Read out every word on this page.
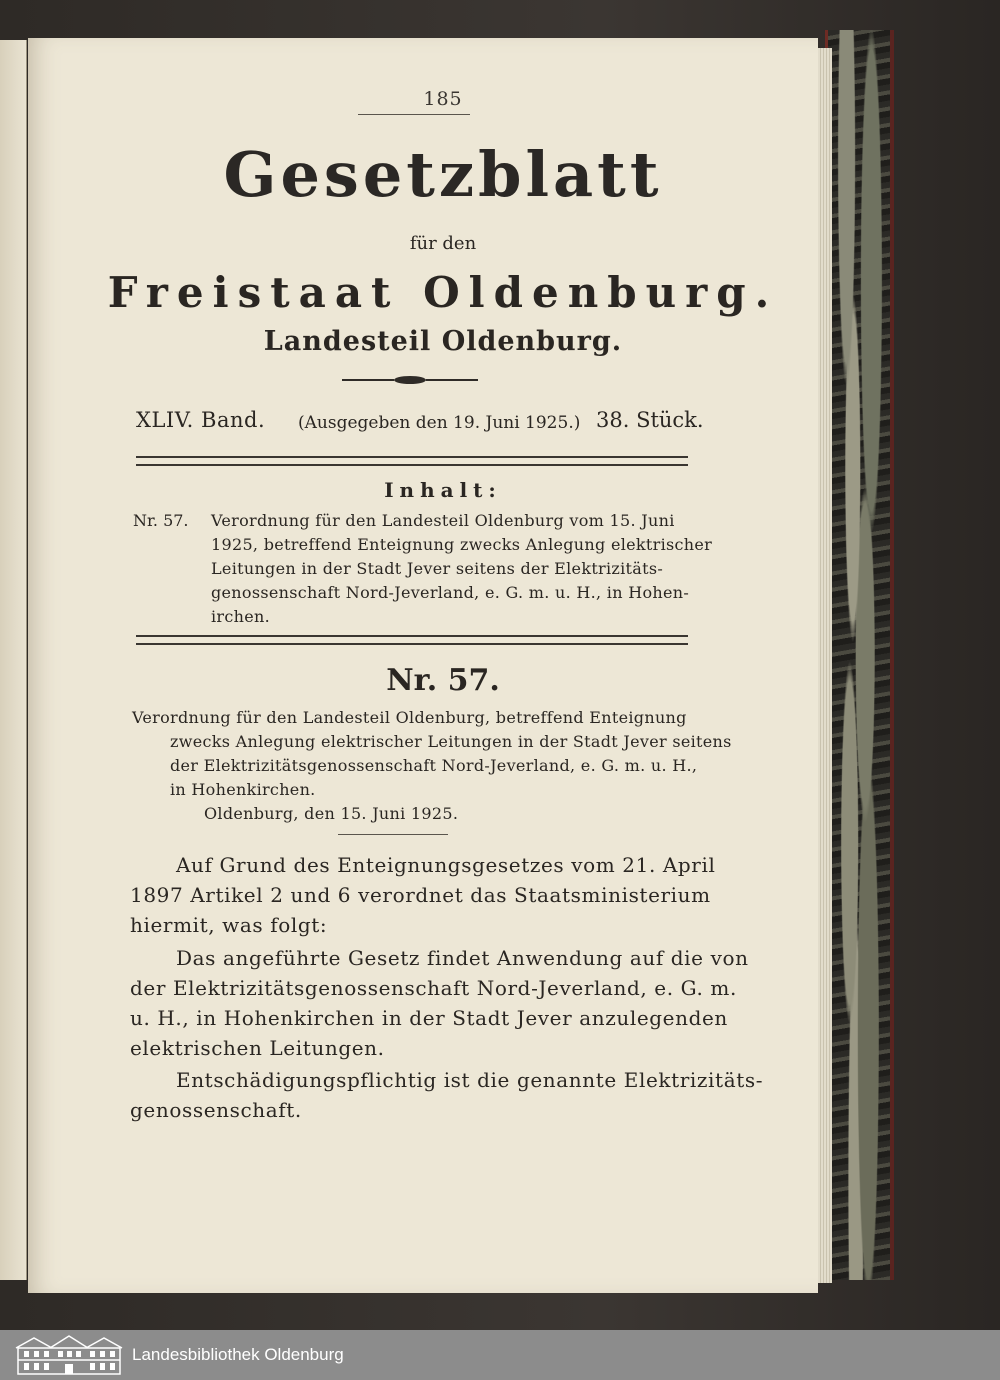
185
Gesetzblatt
für den
Freistaat Oldenburg.
Landesteil Oldenburg.
XLIV. Band. (Ausgegeben den 19. Juni 1925.) 38. Stück.
Inhalt:
Nr. 57. Verordnung für den Landesteil Oldenburg vom 15. Juni
1925, betreffend Enteignung zwecks Anlegung elektrischer
Leitungen in der Stadt Jever seitens der Elektrizitäts-
genossenschaft Nord-Jeverland, e. G. m. u. H., in Hohen-
irchen.
Nr. 57.
Verordnung für den Landesteil Oldenburg, betreffend Enteignung
zwecks Anlegung elektrischer Leitungen in der Stadt Jever seitens
der Elektrizitätsgenossenschaft Nord-Jeverland, e. G. m. u. H.,
in Hohenkirchen.
Oldenburg, den 15. Juni 1925.
Auf Grund des Enteignungsgesetzes vom 21. April
1897 Artikel 2 und 6 verordnet das Staatsministerium
hiermit, was folgt:
Das angeführte Gesetz findet Anwendung auf die von
der Elektrizitätsgenossenschaft Nord-Jeverland, e. G. m.
u. H., in Hohenkirchen in der Stadt Jever anzulegenden
elektrischen Leitungen.
Entschädigungspflichtig ist die genannte Elektrizitäts-
genossenschaft.
Landesbibliothek Oldenburg
